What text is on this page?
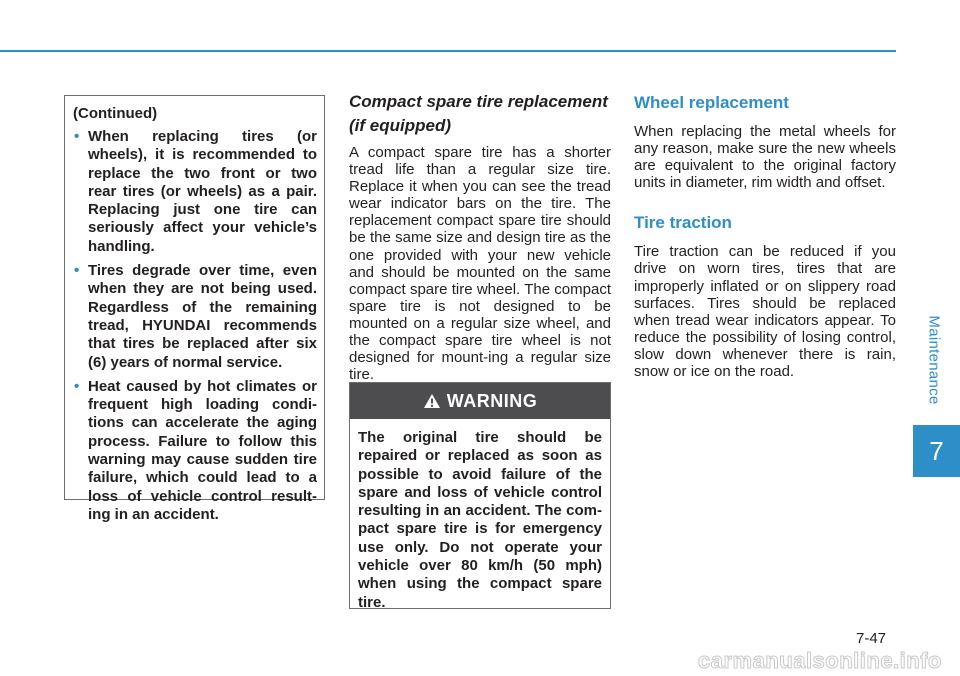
Maintenance
7
(Continued)
• When replacing tires (or wheels), it is recommended to replace the two front or two rear tires (or wheels) as a pair. Replacing just one tire can seriously affect your vehicle’s handling.
• Tires degrade over time, even when they are not being used. Regardless of the remaining tread, HYUNDAI recommends that tires be replaced after six (6) years of normal service.
• Heat caused by hot climates or frequent high loading condi-tions can accelerate the aging process. Failure to follow this warning may cause sudden tire failure, which could lead to a loss of vehicle control result-ing in an accident.
Compact spare tire replacement (if equipped)

A compact spare tire has a shorter tread life than a regular size tire. Replace it when you can see the tread wear indicator bars on the tire. The replacement compact spare tire should be the same size and design tire as the one provided with your new vehicle and should be mounted on the same compact spare tire wheel. The compact spare tire is not designed to be mounted on a regular size wheel, and the compact spare tire wheel is not designed for mount-ing a regular size tire.

WARNING
The original tire should be repaired or replaced as soon as possible to avoid failure of the spare and loss of vehicle control resulting in an accident. The com-pact spare tire is for emergency use only. Do not operate your vehicle over 80 km/h (50 mph) when using the compact spare tire.
Wheel replacement

When replacing the metal wheels for any reason, make sure the new wheels are equivalent to the original factory units in diameter, rim width and offset.

Tire traction

Tire traction can be reduced if you drive on worn tires, tires that are improperly inflated or on slippery road surfaces. Tires should be replaced when tread wear indicators appear. To reduce the possibility of losing control, slow down whenever there is rain, snow or ice on the road.

7-47
carmanualsonline.info
